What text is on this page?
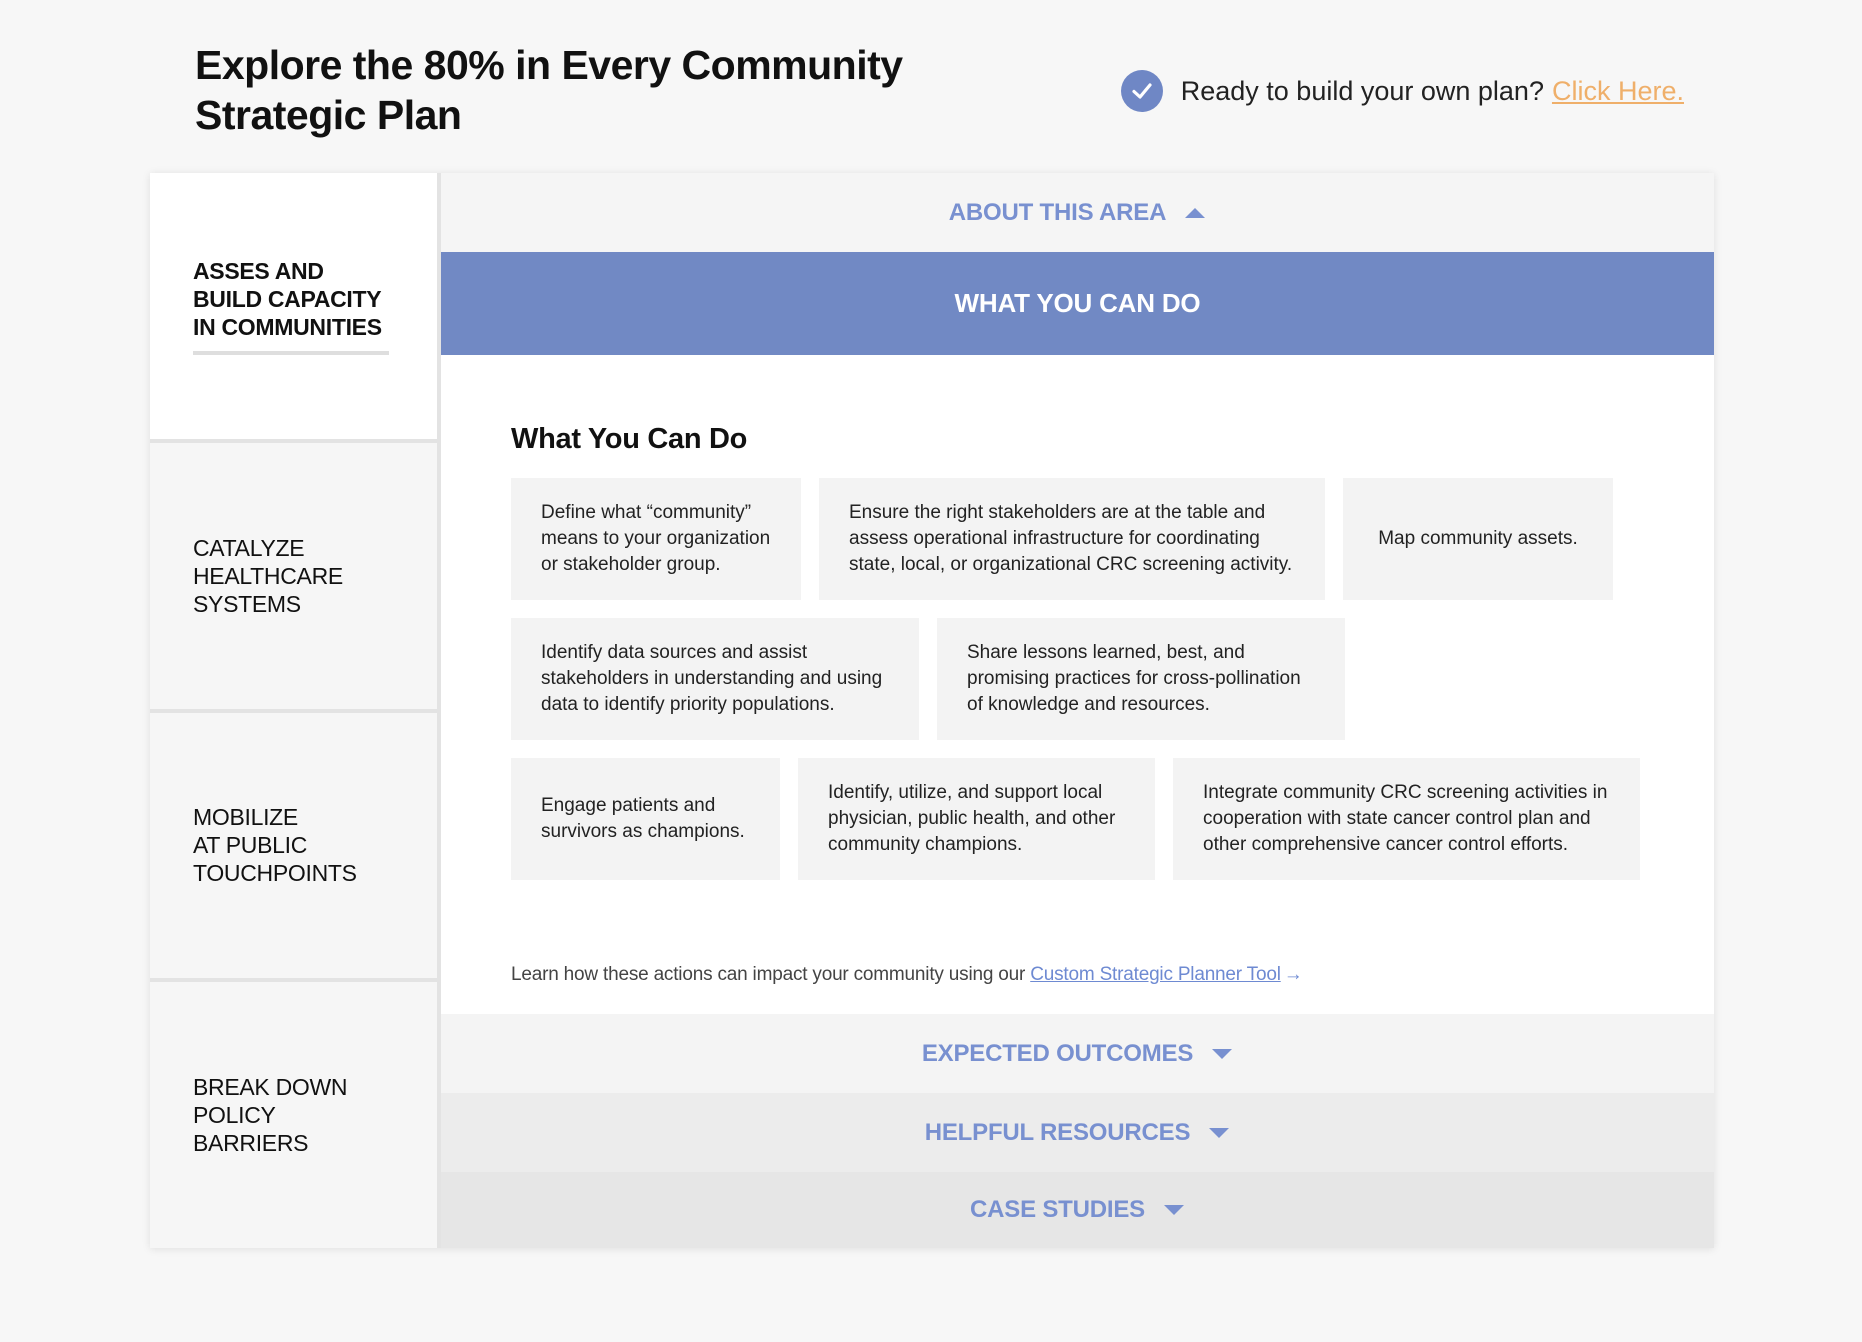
Explore the 80% in Every Community Strategic Plan
Ready to build your own plan? Click Here.
ASSES AND
BUILD CAPACITY
IN COMMUNITIES
CATALYZE
HEALTHCARE
SYSTEMS
MOBILIZE
AT PUBLIC
TOUCHPOINTS
BREAK DOWN
POLICY
BARRIERS
ABOUT THIS AREA
WHAT YOU CAN DO
What You Can Do
Define what “community” means to your organization or stakeholder group.
Ensure the right stakeholders are at the table and assess operational infrastructure for coordinating state, local, or organizational CRC screening activity.
Map community assets.
Identify data sources and assist stakeholders in understanding and using data to identify priority populations.
Share lessons learned, best, and promising practices for cross-pollination of knowledge and resources.
Engage patients and survivors as champions.
Identify, utilize, and support local physician, public health, and other community champions.
Integrate community CRC screening activities in cooperation with state cancer control plan and other comprehensive cancer control efforts.
Learn how these actions can impact your community using our Custom Strategic Planner Tool →
EXPECTED OUTCOMES
HELPFUL RESOURCES
CASE STUDIES
